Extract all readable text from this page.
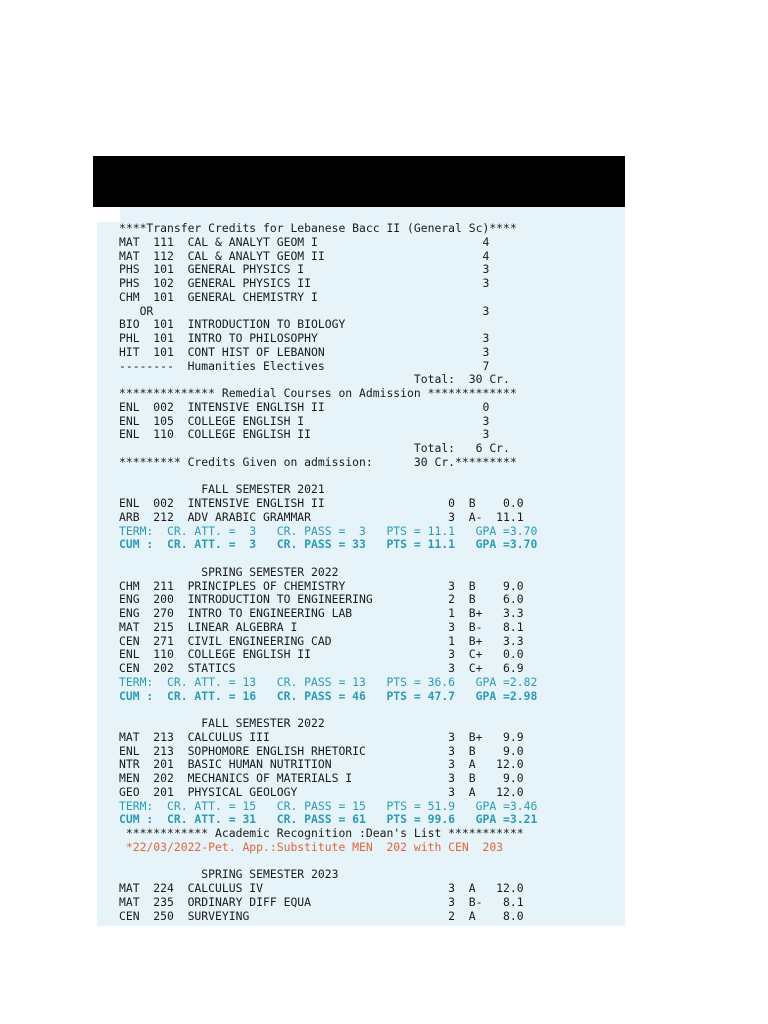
****Transfer Credits for Lebanese Bacc II (General Sc)****
MAT  111  CAL & ANALYT GEOM I                        4
MAT  112  CAL & ANALYT GEOM II                       4
PHS  101  GENERAL PHYSICS I                          3
PHS  102  GENERAL PHYSICS II                         3
CHM  101  GENERAL CHEMISTRY I
OR                                                3
BIO  101  INTRODUCTION TO BIOLOGY
PHL  101  INTRO TO PHILOSOPHY                        3
HIT  101  CONT HIST OF LEBANON                       3
--------  Humanities Electives                       7
Total:  30 Cr.
************** Remedial Courses on Admission *************
ENL  002  INTENSIVE ENGLISH II                       0
ENL  105  COLLEGE ENGLISH I                          3
ENL  110  COLLEGE ENGLISH II                         3
Total:   6 Cr.
********* Credits Given on admission:      30 Cr.*********
FALL SEMESTER 2021
ENL  002  INTENSIVE ENGLISH II                  0  B    0.0
ARB  212  ADV ARABIC GRAMMAR                    3  A-  11.1
TERM:  CR. ATT. =  3   CR. PASS =  3   PTS = 11.1   GPA =3.70
CUM :  CR. ATT. =  3   CR. PASS = 33   PTS = 11.1   GPA =3.70
SPRING SEMESTER 2022
CHM  211  PRINCIPLES OF CHEMISTRY               3  B    9.0
ENG  200  INTRODUCTION TO ENGINEERING           2  B    6.0
ENG  270  INTRO TO ENGINEERING LAB              1  B+   3.3
MAT  215  LINEAR ALGEBRA I                      3  B-   8.1
CEN  271  CIVIL ENGINEERING CAD                 1  B+   3.3
ENL  110  COLLEGE ENGLISH II                    3  C+   0.0
CEN  202  STATICS                               3  C+   6.9
TERM:  CR. ATT. = 13   CR. PASS = 13   PTS = 36.6   GPA =2.82
CUM :  CR. ATT. = 16   CR. PASS = 46   PTS = 47.7   GPA =2.98
FALL SEMESTER 2022
MAT  213  CALCULUS III                          3  B+   9.9
ENL  213  SOPHOMORE ENGLISH RHETORIC            3  B    9.0
NTR  201  BASIC HUMAN NUTRITION                 3  A   12.0
MEN  202  MECHANICS OF MATERIALS I              3  B    9.0
GEO  201  PHYSICAL GEOLOGY                      3  A   12.0
TERM:  CR. ATT. = 15   CR. PASS = 15   PTS = 51.9   GPA =3.46
CUM :  CR. ATT. = 31   CR. PASS = 61   PTS = 99.6   GPA =3.21
************ Academic Recognition :Dean's List ***********
*22/03/2022-Pet. App.:Substitute MEN  202 with CEN  203
SPRING SEMESTER 2023
MAT  224  CALCULUS IV                           3  A   12.0
MAT  235  ORDINARY DIFF EQUA                    3  B-   8.1
CEN  250  SURVEYING                             2  A    8.0
